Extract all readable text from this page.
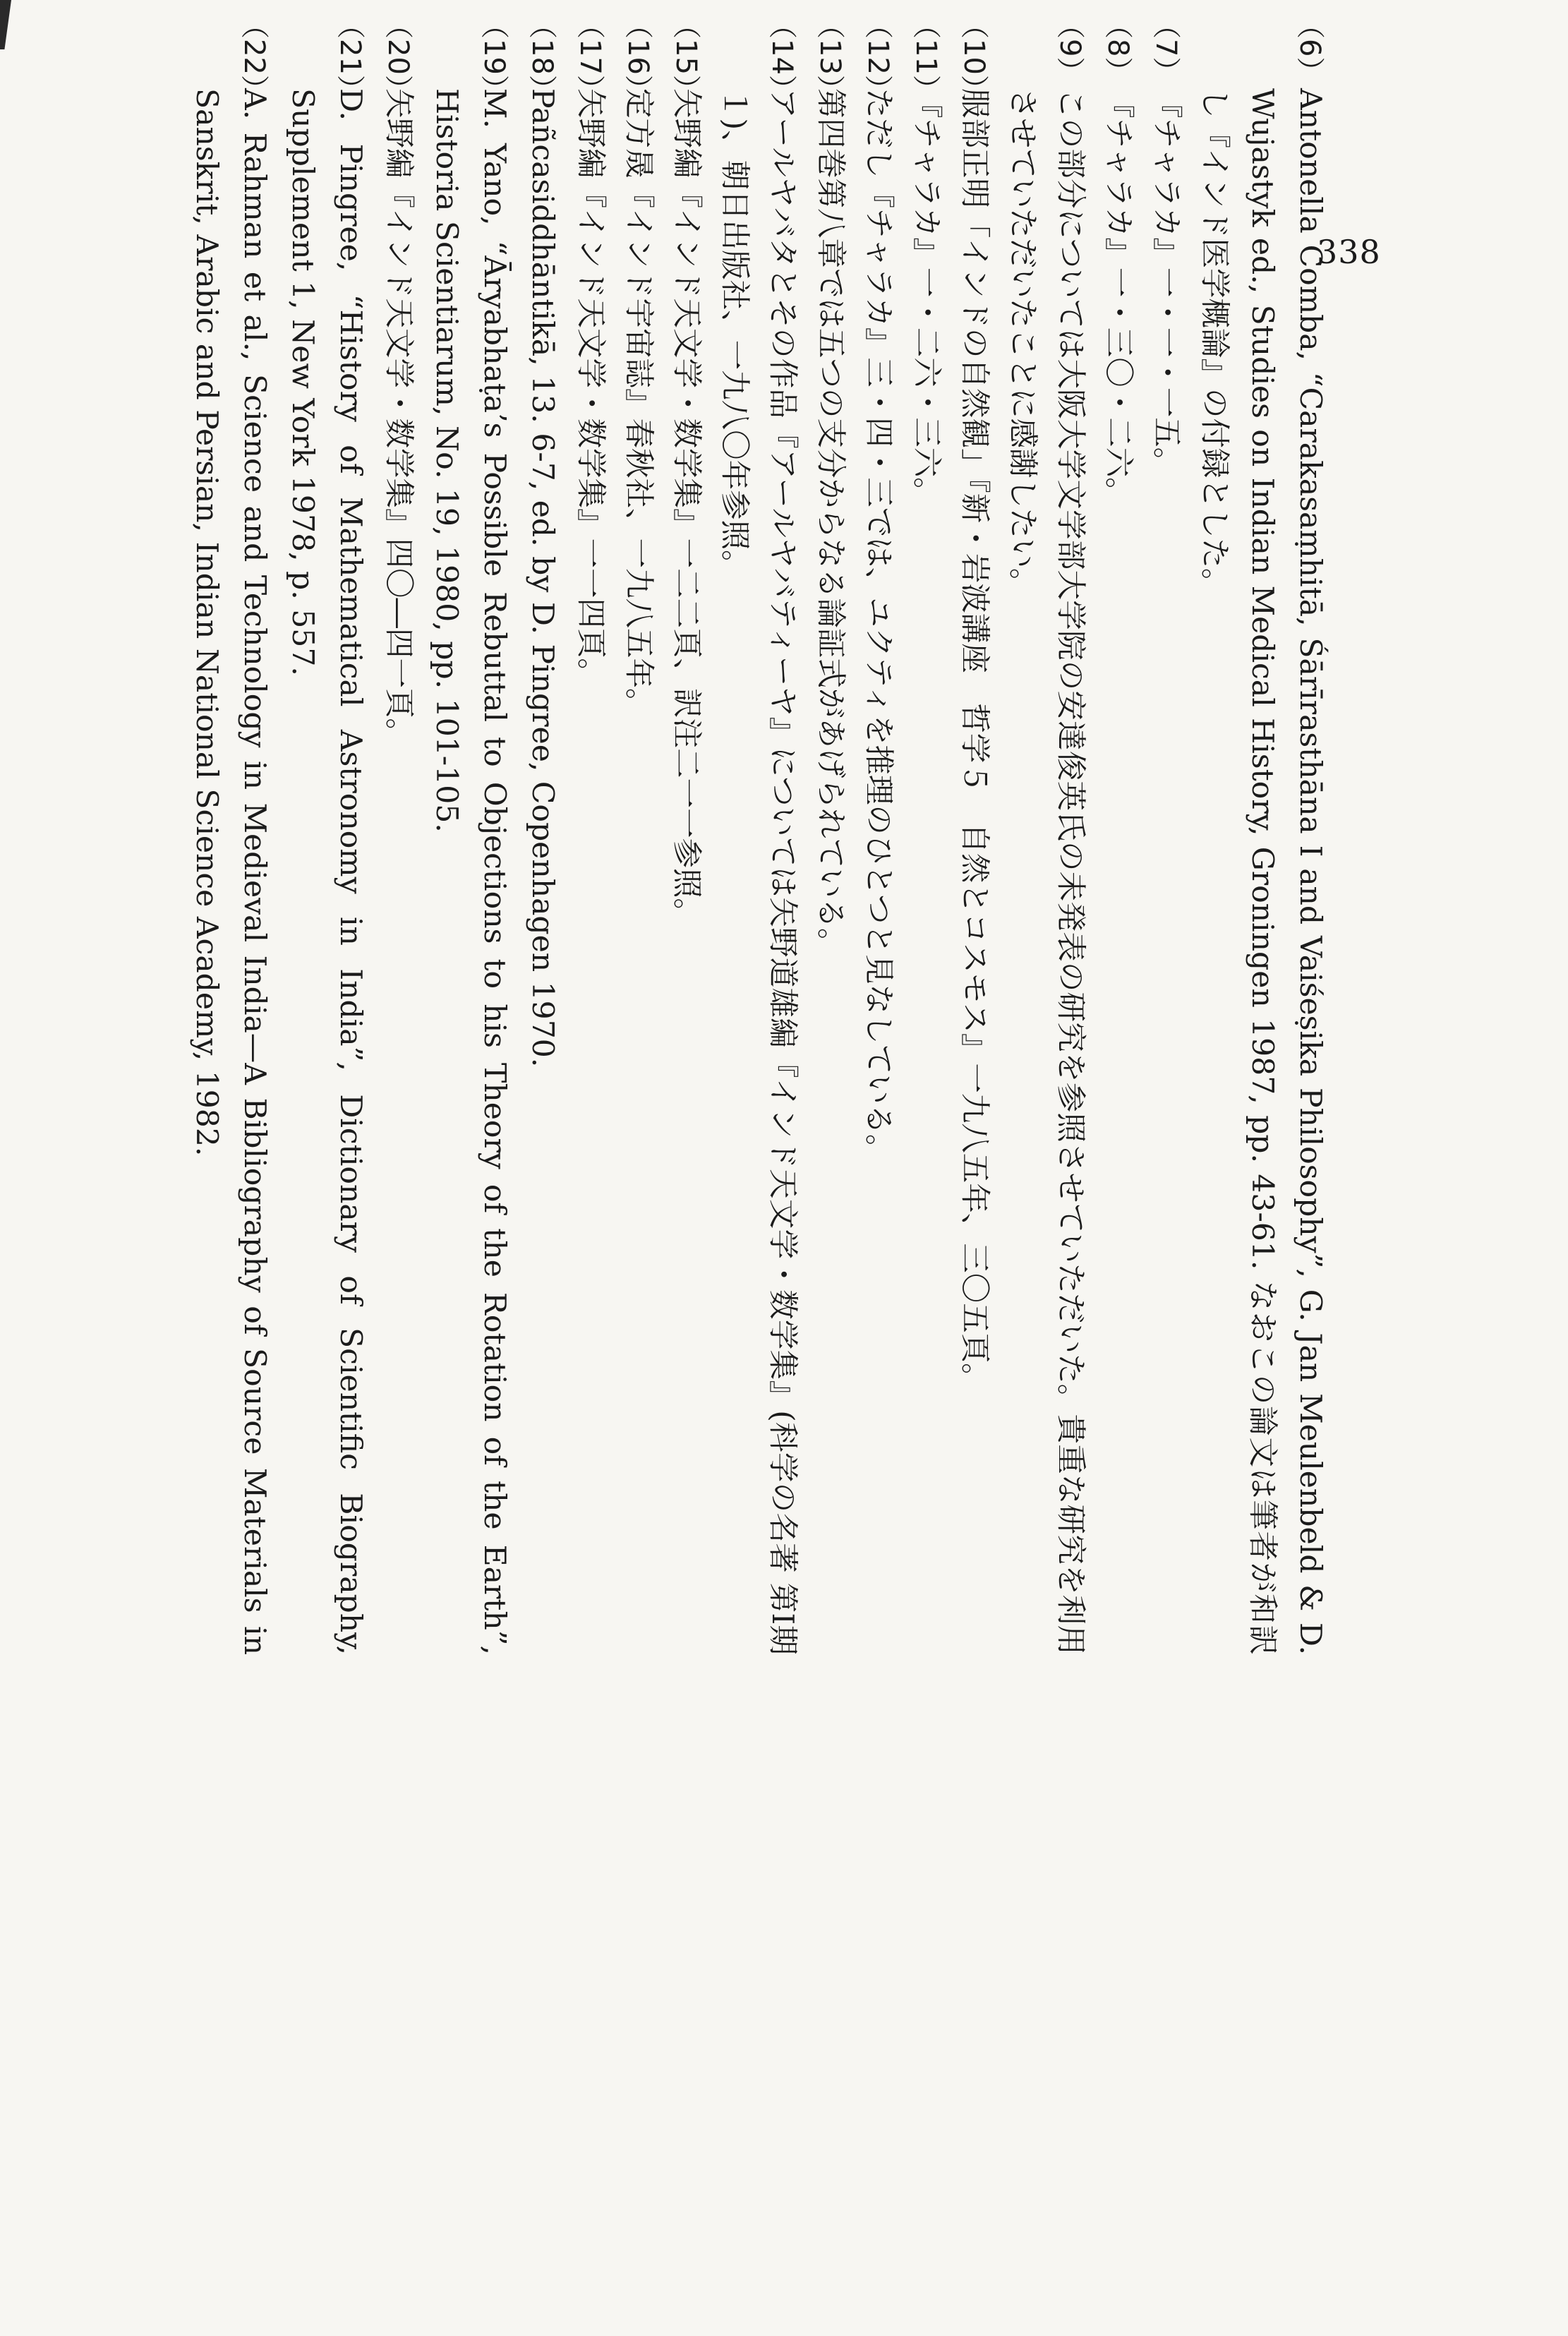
338
（6）
Antonella Comba, “Carakasaṃhitā, Śārīrasthāna I and Vaiśeṣika Philosophy”, G. Jan Meulenbeld & D. Wujastyk ed., Studies on Indian Medical History, Groningen 1987, pp. 43-61. なおこの論文は筆者が和訳し『インド医学概論』の付録とした。
（7）
『チャラカ』一・一・一五。
（8）
『チャラカ』一・三〇・二六。
（9）
この部分については大阪大学文学部大学院の安達俊英氏の未発表の研究を参照させていただいた。貴重な研究を利用させていただいたことに感謝したい。
（10）
服部正明「インドの自然観」『新・岩波講座　哲学５　自然とコスモス』一九八五年、三〇五頁。
（11）
『チャラカ』一・二六・三六。
（12）
ただし『チャラカ』三・四・三では、ユクティを推理のひとつと見なしている。
（13）
第四巻第八章では五つの支分からなる論証式があげられている。
（14）
アールヤバタとその作品『アールヤバティーヤ』については矢野道雄編『インド天文学・数学集』(科学の名著 第Ⅰ期１)、朝日出版社、一九八〇年参照。
（15）
矢野編『インド天文学・数学集』一二二頁、訳注二一一参照。
（16）
定方晟『インド宇宙誌』春秋社、一九八五年。
（17）
矢野編『インド天文学・数学集』一一四頁。
（18）
Pañcasiddhāntikā, 13. 6-7, ed. by D. Pingree, Copenhagen 1970.
（19）
M. Yano, “Āryabhaṭa’s Possible Rebuttal to Objections to his Theory of the Rotation of the Earth”, Historia Scientiarum, No. 19, 1980, pp. 101-105.
（20）
矢野編『インド天文学・数学集』四〇―四一頁。
（21）
D. Pingree, “History of Mathematical Astronomy in India”, Dictionary of Scientific Biography, Supplement 1, New York 1978, p. 557.
（22）
A. Rahman et al., Science and Technology in Medieval India—A Bibliography of Source Materials in Sanskrit, Arabic and Persian, Indian National Science Academy, 1982.
